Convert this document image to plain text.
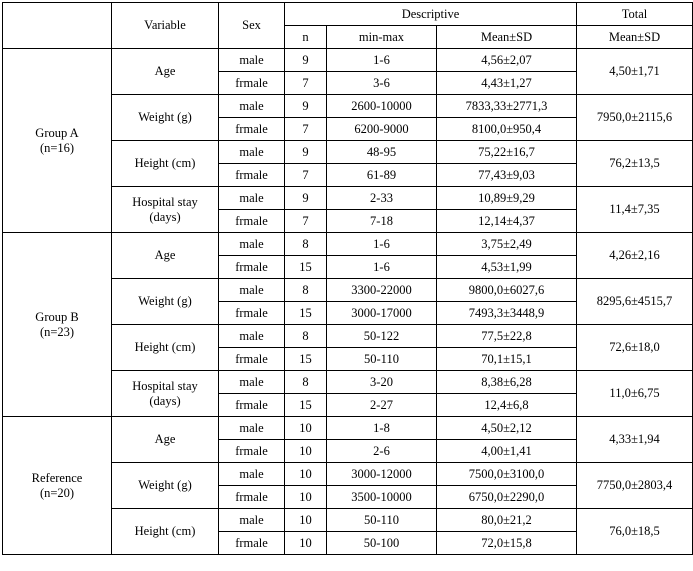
	Variable	Sex	Descriptive			Total
			n	min-max	Mean±SD	Mean±SD

Group A
(n=16)	Age	male	9	1-6	4,56±2,07	4,50±1,71
		frmale	7	3-6	4,43±1,27	
	Weight (g)	male	9	2600-10000	7833,33±2771,3	7950,0±2115,6
		frmale	7	6200-9000	8100,0±950,4	
	Height (cm)	male	9	48-95	75,22±16,7	76,2±13,5
		frmale	7	61-89	77,43±9,03	

	Hospital stay
(days)	male	9	2-33	10,89±9,29	11,4±7,35
		frmale	7	7-18	12,14±4,37	

Group B
(n=23)	Age	male	8	1-6	3,75±2,49	4,26±2,16
		frmale	15	1-6	4,53±1,99	
	Weight (g)	male	8	3300-22000	9800,0±6027,6	8295,6±4515,7
		frmale	15	3000-17000	7493,3±3448,9	
	Height (cm)	male	8	50-122	77,5±22,8	72,6±18,0
		frmale	15	50-110	70,1±15,1	

	Hospital stay
(days)	male	8	3-20	8,38±6,28	11,0±6,75
		frmale	15	2-27	12,4±6,8	

Reference
(n=20)	Age	male	10	1-8	4,50±2,12	4,33±1,94
		frmale	10	2-6	4,00±1,41	
	Weight (g)	male	10	3000-12000	7500,0±3100,0	7750,0±2803,4
		frmale	10	3500-10000	6750,0±2290,0	
	Height (cm)	male	10	50-110	80,0±21,2	76,0±18,5
		frmale	10	50-100	72,0±15,8	
